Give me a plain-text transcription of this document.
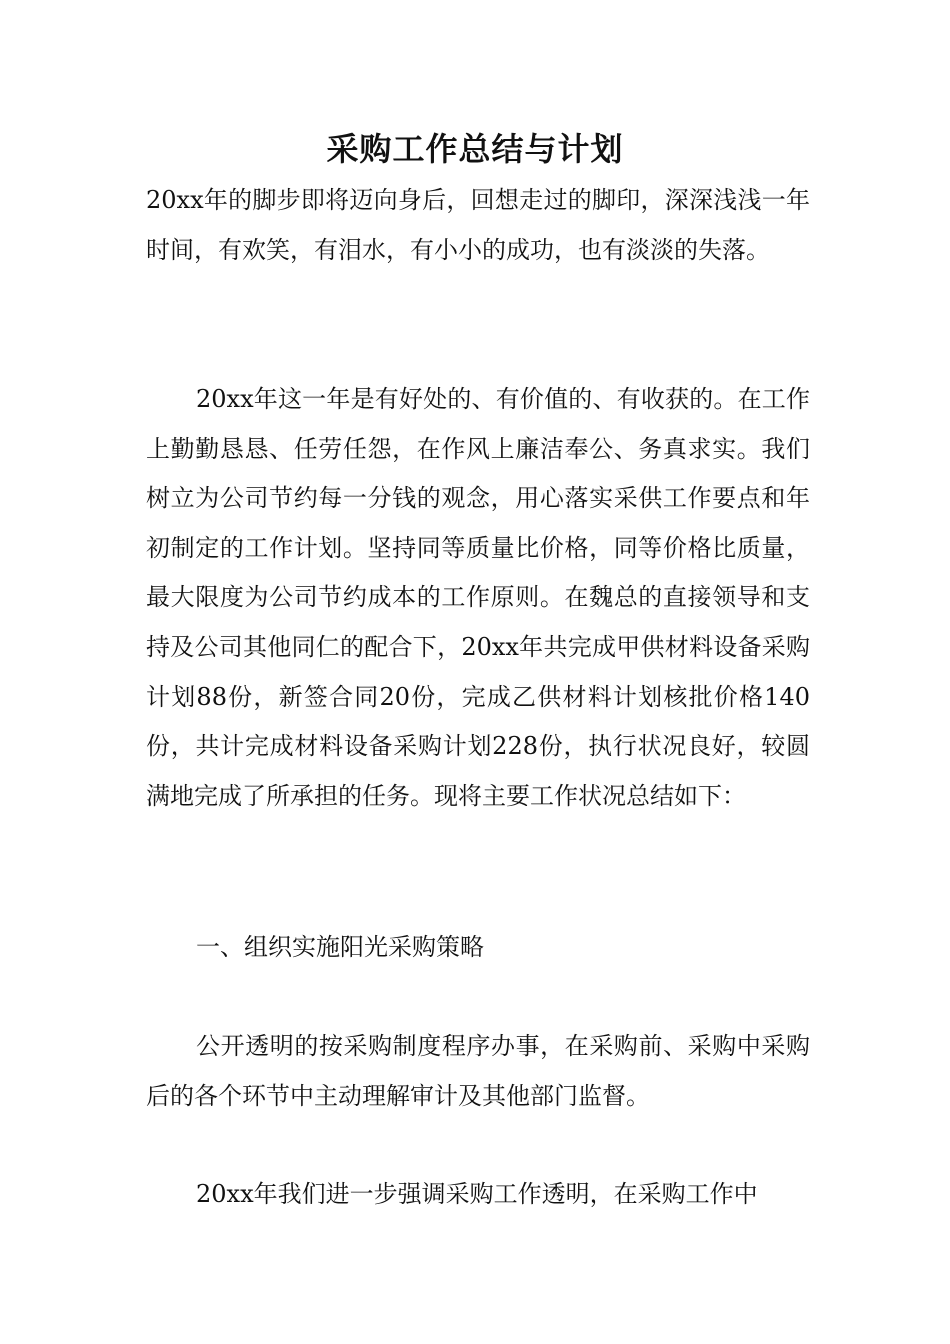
采购工作总结与计划

20xx年的脚步即将迈向身后，回想走过的脚印，深深浅浅一年时间，有欢笑，有泪水，有小小的成功，也有淡淡的失落。

20xx年这一年是有好处的、有价值的、有收获的。在工作上勤勤恳恳、任劳任怨，在作风上廉洁奉公、务真求实。我们树立为公司节约每一分钱的观念，用心落实采供工作要点和年初制定的工作计划。坚持同等质量比价格，同等价格比质量，最大限度为公司节约成本的工作原则。在魏总的直接领导和支持及公司其他同仁的配合下，20xx年共完成甲供材料设备采购计划88份，新签合同20份，完成乙供材料计划核批价格140份，共计完成材料设备采购计划228份，执行状况良好，较圆满地完成了所承担的任务。现将主要工作状况总结如下：

一、组织实施阳光采购策略

公开透明的按采购制度程序办事，在采购前、采购中采购后的各个环节中主动理解审计及其他部门监督。

20xx年我们进一步强调采购工作透明，在采购工作中
